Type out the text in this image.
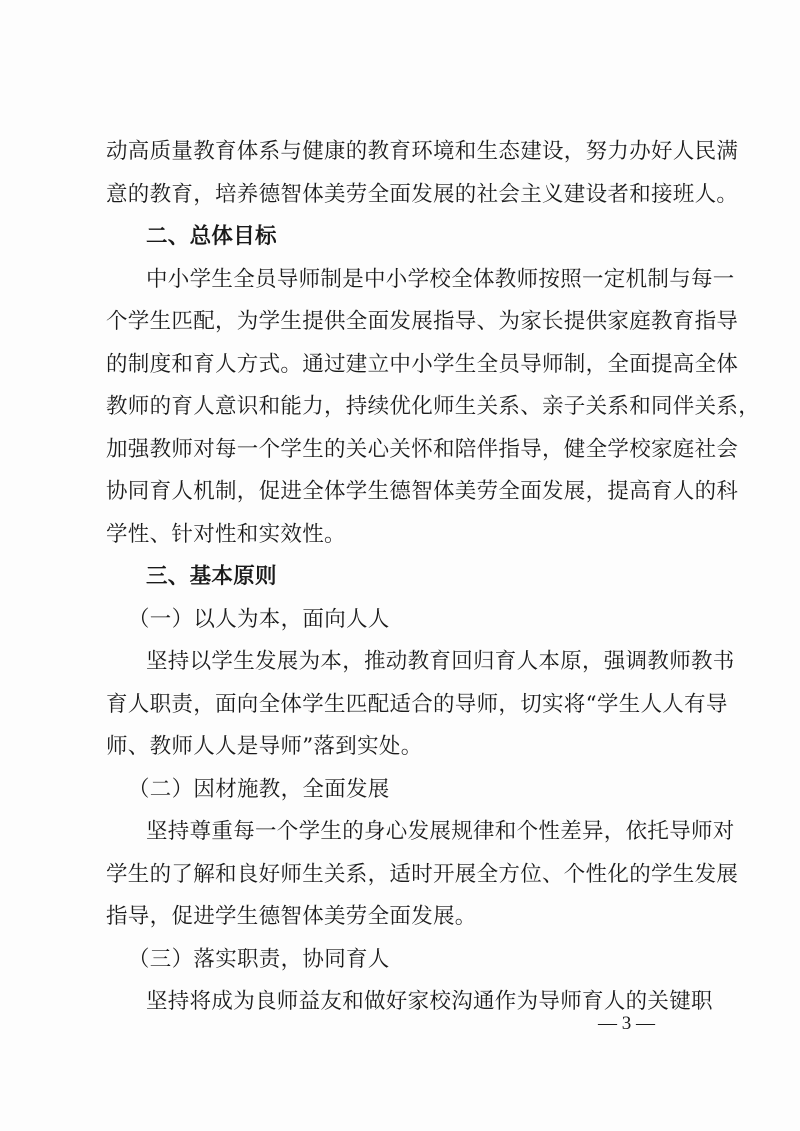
动高质量教育体系与健康的教育环境和生态建设，努力办好人民满
意的教育，培养德智体美劳全面发展的社会主义建设者和接班人。
二、总体目标
中小学生全员导师制是中小学校全体教师按照一定机制与每一
个学生匹配，为学生提供全面发展指导、为家长提供家庭教育指导
的制度和育人方式。通过建立中小学生全员导师制，全面提高全体
教师的育人意识和能力，持续优化师生关系、亲子关系和同伴关系，
加强教师对每一个学生的关心关怀和陪伴指导，健全学校家庭社会
协同育人机制，促进全体学生德智体美劳全面发展，提高育人的科
学性、针对性和实效性。
三、基本原则
（一）以人为本，面向人人
坚持以学生发展为本，推动教育回归育人本原，强调教师教书
育人职责，面向全体学生匹配适合的导师，切实将“学生人人有导
师、教师人人是导师”落到实处。
（二）因材施教，全面发展
坚持尊重每一个学生的身心发展规律和个性差异，依托导师对
学生的了解和良好师生关系，适时开展全方位、个性化的学生发展
指导，促进学生德智体美劳全面发展。
（三）落实职责，协同育人
坚持将成为良师益友和做好家校沟通作为导师育人的关键职
— 3 —
